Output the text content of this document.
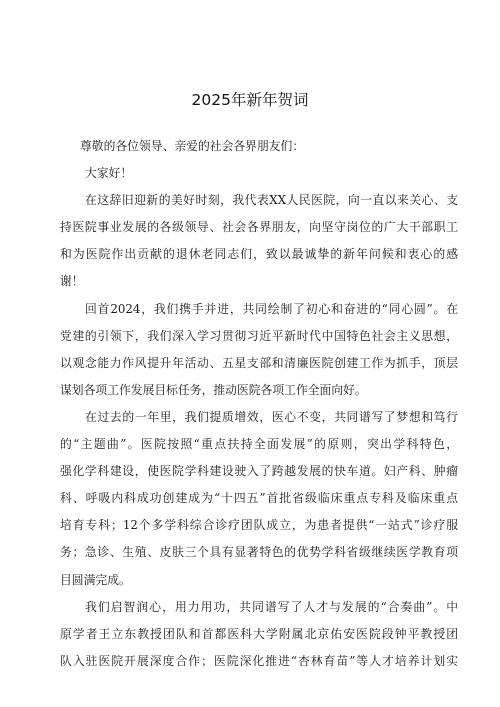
2025年新年贺词
尊敬的各位领导、亲爱的社会各界朋友们：
大家好！
在这辞旧迎新的美好时刻，我代表XX人民医院，向一直以来关心、支
持医院事业发展的各级领导、社会各界朋友，向坚守岗位的广大干部职工
和为医院作出贡献的退休老同志们，致以最诚挚的新年问候和衷心的感
谢！
回首2024，我们携手并进，共同绘制了初心和奋进的“同心圆”。在
党建的引领下，我们深入学习贯彻习近平新时代中国特色社会主义思想，
以观念能力作风提升年活动、五星支部和清廉医院创建工作为抓手，顶层
谋划各项工作发展目标任务，推动医院各项工作全面向好。
在过去的一年里，我们提质增效，医心不变，共同谱写了梦想和笃行
的“主题曲”。医院按照“重点扶持全面发展”的原则，突出学科特色，
强化学科建设，使医院学科建设驶入了跨越发展的快车道。妇产科、肿瘤
科、呼吸内科成功创建成为“十四五”首批省级临床重点专科及临床重点
培育专科；12个多学科综合诊疗团队成立，为患者提供“一站式”诊疗服
务；急诊、生殖、皮肤三个具有显著特色的优势学科省级继续医学教育项
目圆满完成。
我们启智润心，用力用功，共同谱写了人才与发展的“合奏曲”。中
原学者王立东教授团队和首都医科大学附属北京佑安医院段钟平教授团
队入驻医院开展深度合作；医院深化推进“杏林育苗”等人才培养计划实
